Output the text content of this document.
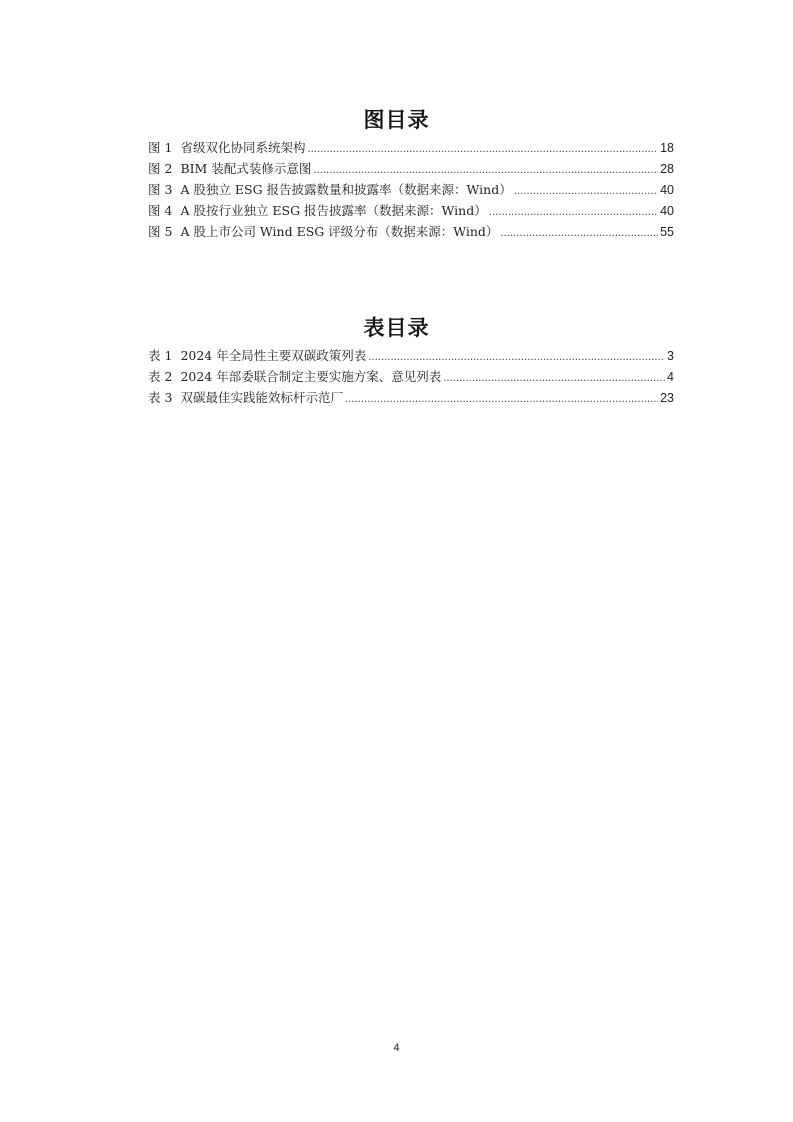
图目录
图 1 省级双化协同系统架构 .....	18
图 2 BIM 装配式装修示意图 .....	28
图 3 A 股独立 ESG 报告披露数量和披露率（数据来源：Wind） .....	40
图 4 A 股按行业独立 ESG 报告披露率（数据来源：Wind） .....	40
图 5 A 股上市公司 Wind ESG 评级分布（数据来源：Wind） .....	55
表目录
表 1 2024 年全局性主要双碳政策列表 .....	3
表 2 2024 年部委联合制定主要实施方案、意见列表 .....	4
表 3 双碳最佳实践能效标杆示范厂 .....	23
4
